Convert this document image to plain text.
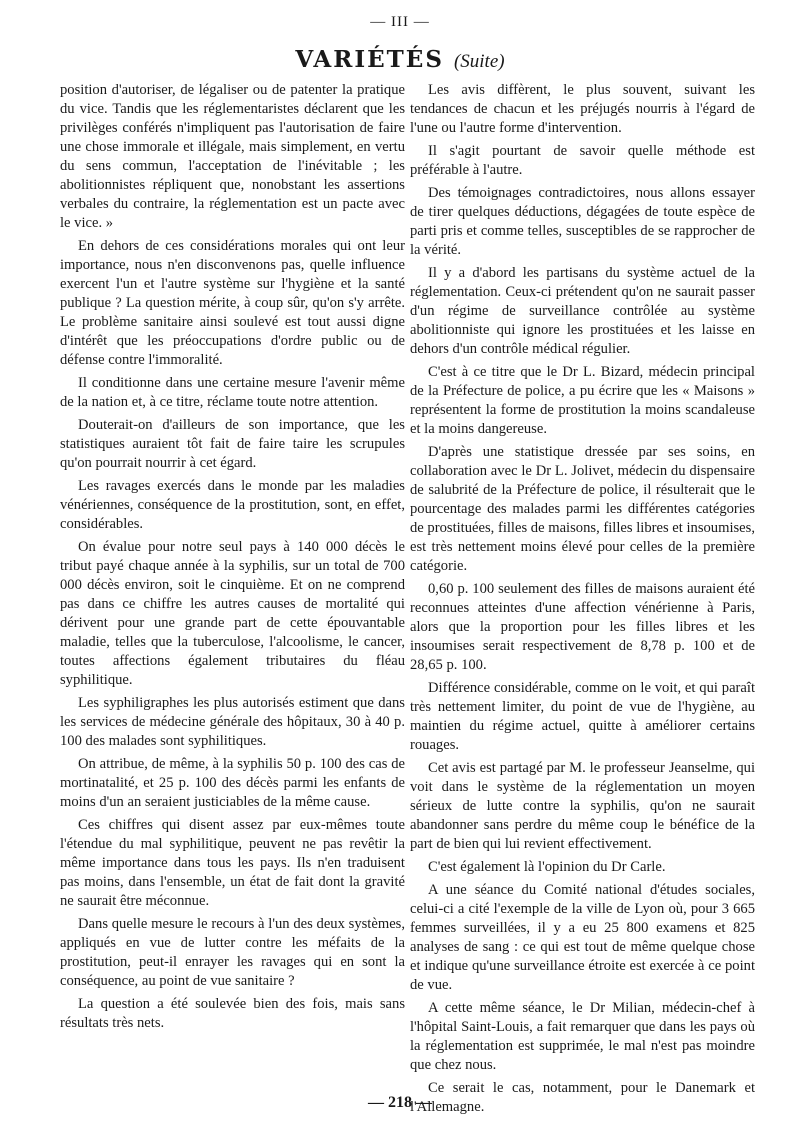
— III —
VARIÉTÉS (Suite)

position d'autoriser, de légaliser ou de patenter la pratique du vice. Tandis que les réglementaristes déclarent que les privilèges conférés n'impliquent pas l'autorisation de faire une chose immorale et illégale, mais simplement, en vertu du sens commun, l'acceptation de l'inévitable ; les abolitionnistes répliquent que, nonobstant les assertions verbales du contraire, la réglementation est un pacte avec le vice. »

En dehors de ces considérations morales qui ont leur importance, nous n'en disconvenons pas, quelle influence exercent l'un et l'autre système sur l'hygiène et la santé publique ? La question mérite, à coup sûr, qu'on s'y arrête. Le problème sanitaire ainsi soulevé est tout aussi digne d'intérêt que les préoccupations d'ordre public ou de défense contre l'immoralité.

Il conditionne dans une certaine mesure l'avenir même de la nation et, à ce titre, réclame toute notre attention.

Douterait-on d'ailleurs de son importance, que les statistiques auraient tôt fait de faire taire les scrupules qu'on pourrait nourrir à cet égard.

Les ravages exercés dans le monde par les maladies vénériennes, conséquence de la prostitution, sont, en effet, considérables.

On évalue pour notre seul pays à 140 000 décès le tribut payé chaque année à la syphilis, sur un total de 700 000 décès environ, soit le cinquième. Et on ne comprend pas dans ce chiffre les autres causes de mortalité qui dérivent pour une grande part de cette épouvantable maladie, telles que la tuberculose, l'alcoolisme, le cancer, toutes affections également tributaires du fléau syphilitique.

Les syphiligraphes les plus autorisés estiment que dans les services de médecine générale des hôpitaux, 30 à 40 p. 100 des malades sont syphilitiques.

On attribue, de même, à la syphilis 50 p. 100 des cas de mortinatalité, et 25 p. 100 des décès parmi les enfants de moins d'un an seraient justiciables de la même cause.

Ces chiffres qui disent assez par eux-mêmes toute l'étendue du mal syphilitique, peuvent ne pas revêtir la même importance dans tous les pays. Ils n'en traduisent pas moins, dans l'ensemble, un état de fait dont la gravité ne saurait être méconnue.

Dans quelle mesure le recours à l'un des deux systèmes, appliqués en vue de lutter contre les méfaits de la prostitution, peut-il enrayer les ravages qui en sont la conséquence, au point de vue sanitaire ?

La question a été soulevée bien des fois, mais sans résultats très nets.

Les avis diffèrent, le plus souvent, suivant les tendances de chacun et les préjugés nourris à l'égard de l'une ou l'autre forme d'intervention.

Il s'agit pourtant de savoir quelle méthode est préférable à l'autre.

Des témoignages contradictoires, nous allons essayer de tirer quelques déductions, dégagées de toute espèce de parti pris et comme telles, susceptibles de se rapprocher de la vérité.

Il y a d'abord les partisans du système actuel de la réglementation. Ceux-ci prétendent qu'on ne saurait passer d'un régime de surveillance contrôlée au système abolitionniste qui ignore les prostituées et les laisse en dehors d'un contrôle médical régulier.

C'est à ce titre que le Dr L. Bizard, médecin principal de la Préfecture de police, a pu écrire que les « Maisons » représentent la forme de prostitution la moins scandaleuse et la moins dangereuse.

D'après une statistique dressée par ses soins, en collaboration avec le Dr L. Jolivet, médecin du dispensaire de salubrité de la Préfecture de police, il résulterait que le pourcentage des malades parmi les différentes catégories de prostituées, filles de maisons, filles libres et insoumises, est très nettement moins élevé pour celles de la première catégorie.

0,60 p. 100 seulement des filles de maisons auraient été reconnues atteintes d'une affection vénérienne à Paris, alors que la proportion pour les filles libres et les insoumises serait respectivement de 8,78 p. 100 et de 28,65 p. 100.

Différence considérable, comme on le voit, et qui paraît très nettement limiter, du point de vue de l'hygiène, au maintien du régime actuel, quitte à améliorer certains rouages.

Cet avis est partagé par M. le professeur Jeanselme, qui voit dans le système de la réglementation un moyen sérieux de lutte contre la syphilis, qu'on ne saurait abandonner sans perdre du même coup le bénéfice de la part de bien qui lui revient effectivement.

C'est également là l'opinion du Dr Carle.

A une séance du Comité national d'études sociales, celui-ci a cité l'exemple de la ville de Lyon où, pour 3 665 femmes surveillées, il y a eu 25 800 examens et 825 analyses de sang : ce qui est tout de même quelque chose et indique qu'une surveillance étroite est exercée à ce point de vue.

A cette même séance, le Dr Milian, médecin-chef à l'hôpital Saint-Louis, a fait remarquer que dans les pays où la réglementation est supprimée, le mal n'est pas moindre que chez nous.

Ce serait le cas, notamment, pour le Danemark et l'Allemagne.

— 218 —
